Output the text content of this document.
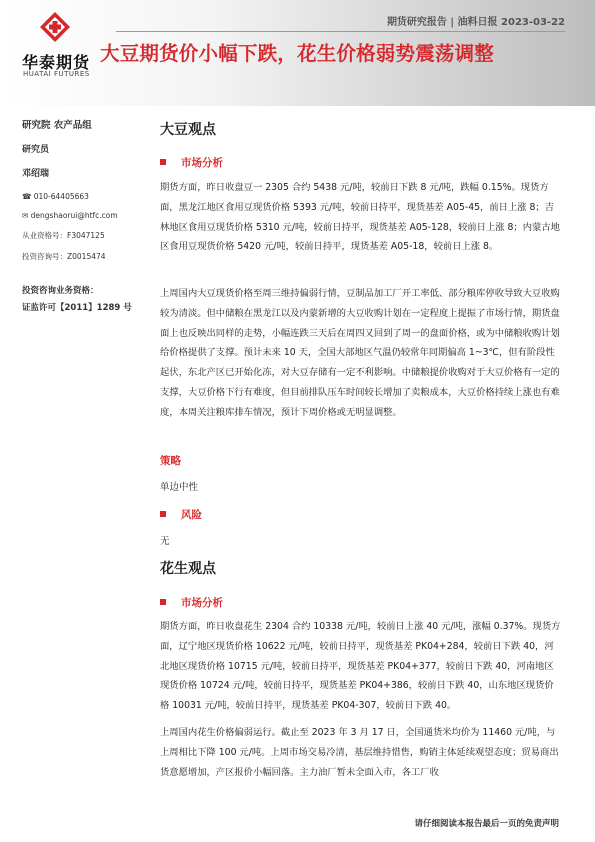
华泰期货
HUATAI FUTURES
期货研究报告 | 油料日报 2023-03-22
大豆期货价小幅下跌，花生价格弱势震荡调整
研究院 农产品组
研究员
邓绍瑞
☎ 010-64405663
✉ dengshaorui@htfc.com
从业资格号：F3047125
投资咨询号：Z0015474
投资咨询业务资格：
证监许可【2011】1289 号
大豆观点
市场分析
期货方面，昨日收盘豆一 2305 合约 5438 元/吨，较前日下跌 8 元/吨，跌幅 0.15%。现货方面，黑龙江地区食用豆现货价格 5393 元/吨，较前日持平，现货基差 A05-45，前日上涨 8；吉林地区食用豆现货价格 5310 元/吨，较前日持平，现货基差 A05-128，较前日上涨 8；内蒙古地区食用豆现货价格 5420 元/吨，较前日持平，现货基差 A05-18，较前日上涨 8。
上周国内大豆现货价格至周三维持偏弱行情，豆制品加工厂开工率低、部分粮库停收导致大豆收购较为清淡。但中储粮在黑龙江以及内蒙新增的大豆收购计划在一定程度上提振了市场行情，期货盘面上也反映出同样的走势，小幅连跌三天后在周四又回到了周一的盘面价格，或为中储粮收购计划给价格提供了支撑。预计未来 10 天，全国大部地区气温仍较常年同期偏高 1~3℃，但有阶段性起伏，东北产区已开始化冻，对大豆存储有一定不利影响。中储粮提价收购对于大豆价格有一定的支撑，大豆价格下行有难度，但目前排队压车时间较长增加了卖粮成本，大豆价格持续上涨也有难度，本周关注粮库排车情况，预计下周价格或无明显调整。
策略
单边中性
风险
无
花生观点
市场分析
期货方面，昨日收盘花生 2304 合约 10338 元/吨，较前日上涨 40 元/吨，涨幅 0.37%。现货方面，辽宁地区现货价格 10622 元/吨，较前日持平，现货基差 PK04+284，较前日下跌 40，河北地区现货价格 10715 元/吨，较前日持平，现货基差 PK04+377，较前日下跌 40，河南地区现货价格 10724 元/吨，较前日持平，现货基差 PK04+386，较前日下跌 40，山东地区现货价格 10031 元/吨，较前日持平，现货基差 PK04-307，较前日下跌 40。
上周国内花生价格偏弱运行。截止至 2023 年 3 月 17 日，全国通货米均价为 11460 元/吨，与上周相比下降 100 元/吨。上周市场交易冷清，基层维持惜售，购销主体延续观望态度；贸易商出货意愿增加，产区报价小幅回落。主力油厂暂未全面入市，各工厂收
请仔细阅读本报告最后一页的免责声明
